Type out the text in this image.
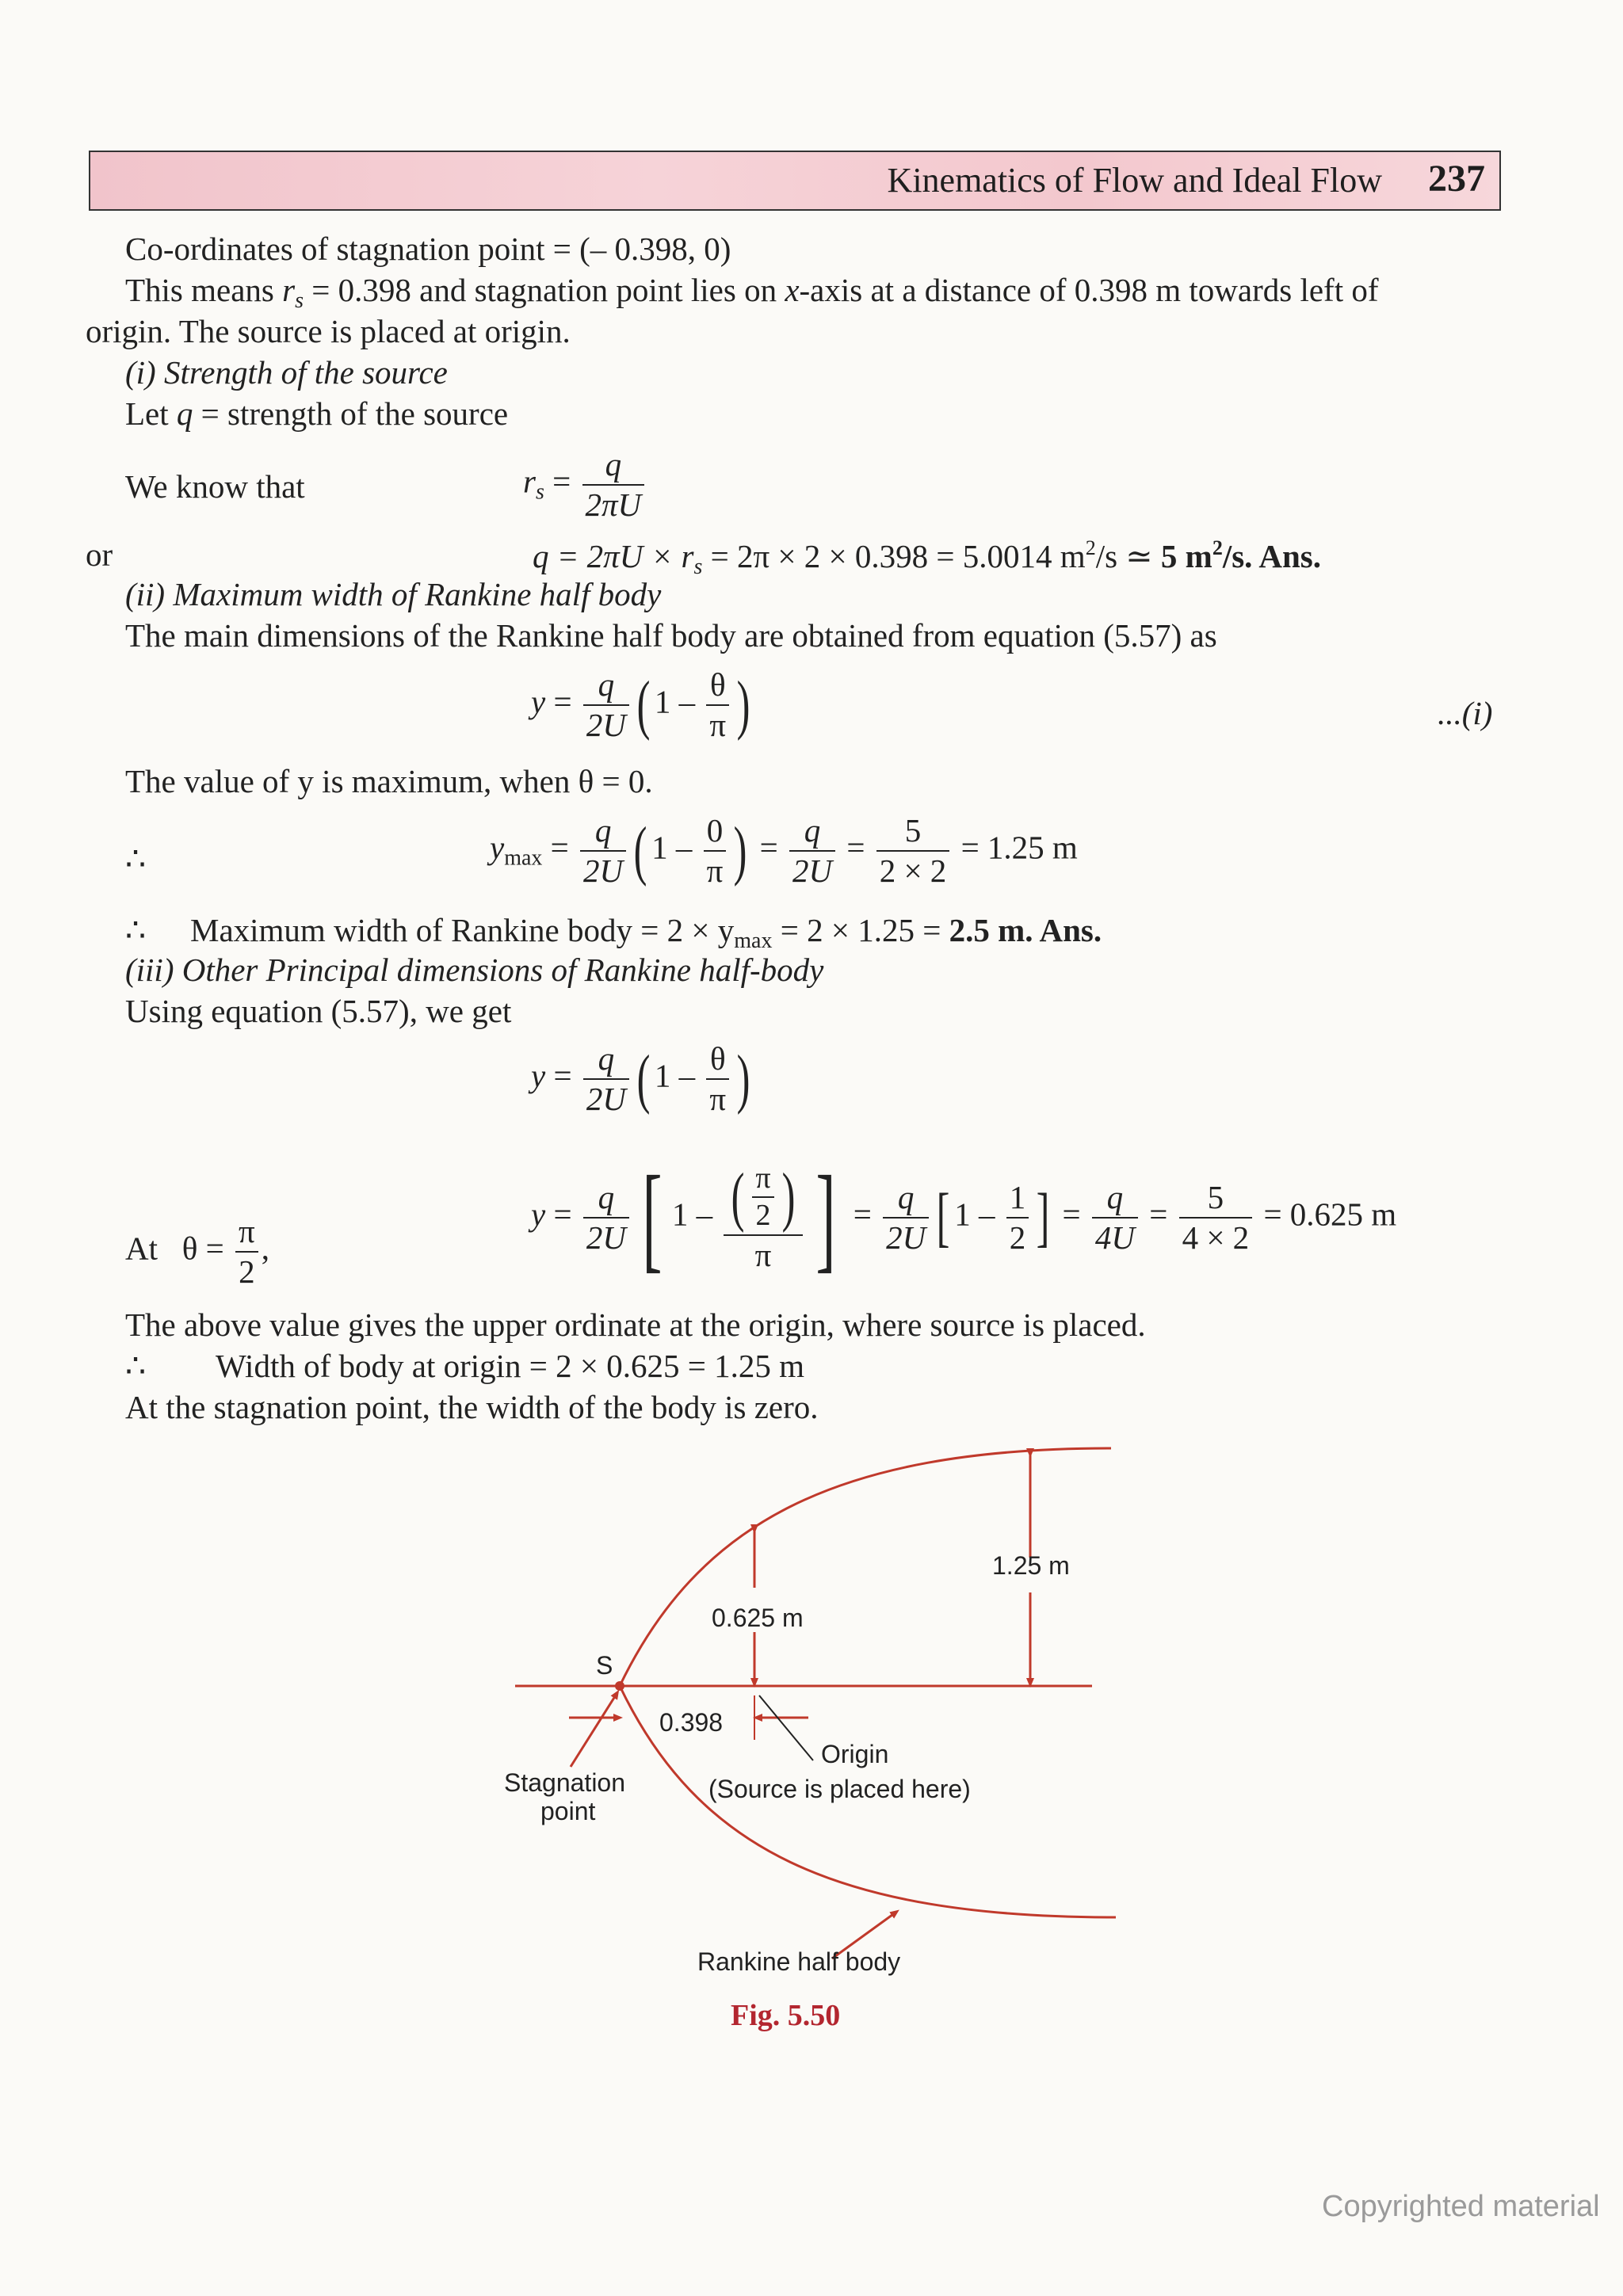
Kinematics of Flow and Ideal Flow 237
Co-ordinates of stagnation point = (– 0.398, 0)
This means $r_s = 0.398$ and stagnation point lies on x-axis at a distance of 0.398 m towards left of
origin. The source is placed at origin.
(i) Strength of the source
Let q = strength of the source
We know that	$r_s = \frac{q}{2\pi U}$
or	$q = 2\pi U \times r_s = 2\pi \times 2 \times 0.398 = 5.0014$ $m^2/s$ ≃ 5 $m^2/s$. Ans.
(ii) Maximum width of Rankine half body
The main dimensions of the Rankine half body are obtained from equation (5.57) as
$y = \frac{q}{2U}$ ( $1 - \frac{\theta}{\pi}$ )	...(i)
The value of y is maximum, when θ = 0.
∴	$y_{max} = \frac{q}{2U}$ ( $1 - \frac{0}{\pi}$ ) = $\frac{q}{2U} = \frac{5}{2 \times 2} = 1.25$ m
∴ Maximum width of Rankine body = $2 \times y_{max} = 2 \times 1.25 = 2.5$ m. Ans.
(iii) Other Principal dimensions of Rankine half-body
Using equation (5.57), we get
$y = \frac{q}{2U}$ ( $1 - \frac{\theta}{\pi}$ )
At $\theta = \frac{\pi}{2}$ ,
$y = \frac{q}{2U}$ [ $1 - \frac{( \frac{\pi}{2} )}{\pi}$ ] = $\frac{q}{2U}$ [ $1 - \frac{1}{2}$ ] = $\frac{q}{4U} = \frac{5}{4 \times 2} = 0.625$ m
The above value gives the upper ordinate at the origin, where source is placed.
∴ Width of body at origin = 2 × 0.625 = 1.25 m
At the stagnation point, the width of the body is zero.
1.25 m
0.625 m
S
0.398
Origin
(Source is placed here)
Stagnation
point
Rankine half body
Fig. 5.50
Copyrighted material
